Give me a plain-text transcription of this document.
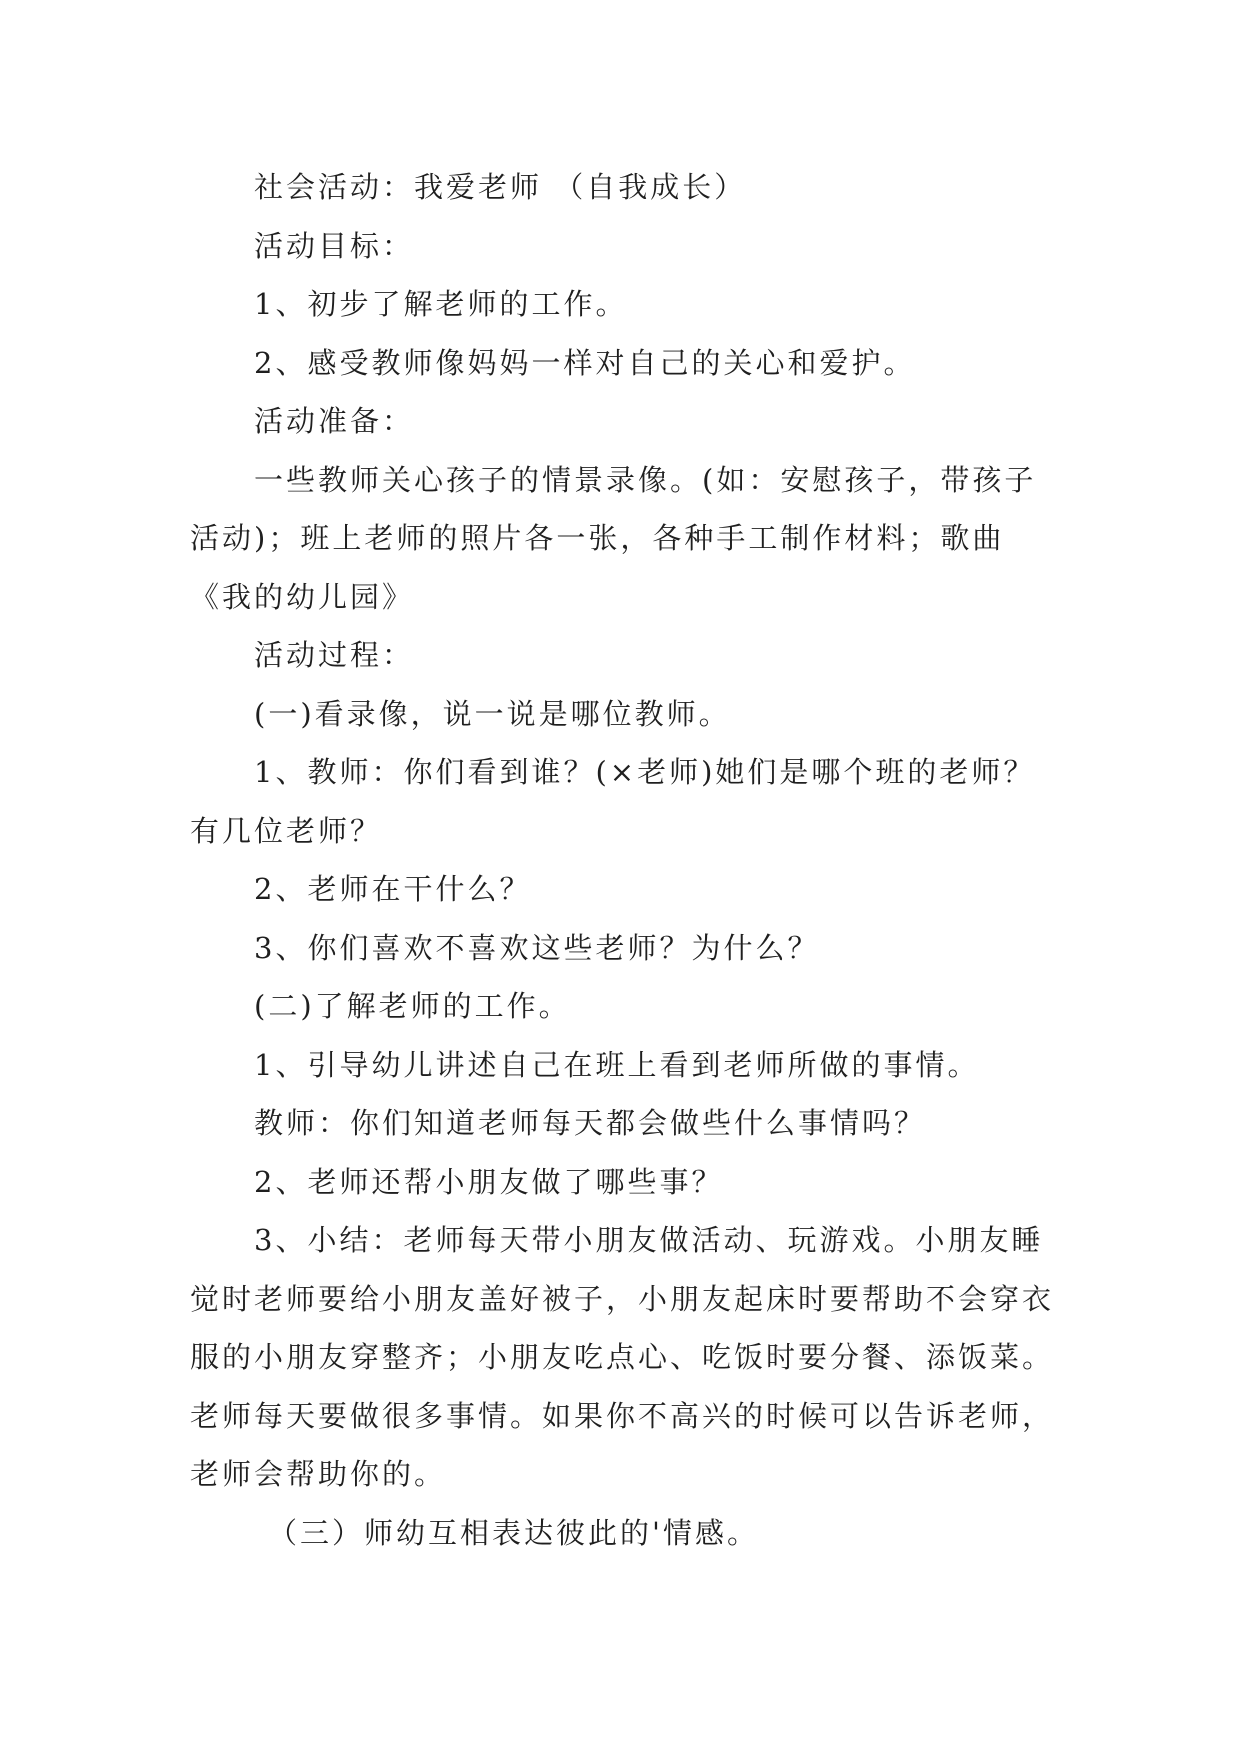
社会活动：我爱老师 （自我成长）

活动目标：

1、初步了解老师的工作。

2、感受教师像妈妈一样对自己的关心和爱护。

活动准备：

一些教师关心孩子的情景录像。(如：安慰孩子，带孩子活动)；班上老师的照片各一张，各种手工制作材料；歌曲《我的幼儿园》

活动过程：

(一)看录像，说一说是哪位教师。

1、教师：你们看到谁？(×老师)她们是哪个班的老师？有几位老师？

2、老师在干什么？

3、你们喜欢不喜欢这些老师？为什么？

(二)了解老师的工作。

1、引导幼儿讲述自己在班上看到老师所做的事情。

教师：你们知道老师每天都会做些什么事情吗？

2、老师还帮小朋友做了哪些事？

3、小结：老师每天带小朋友做活动、玩游戏。小朋友睡觉时老师要给小朋友盖好被子，小朋友起床时要帮助不会穿衣服的小朋友穿整齐；小朋友吃点心、吃饭时要分餐、添饭菜。老师每天要做很多事情。如果你不高兴的时候可以告诉老师，老师会帮助你的。

（三）师幼互相表达彼此的'情感。
